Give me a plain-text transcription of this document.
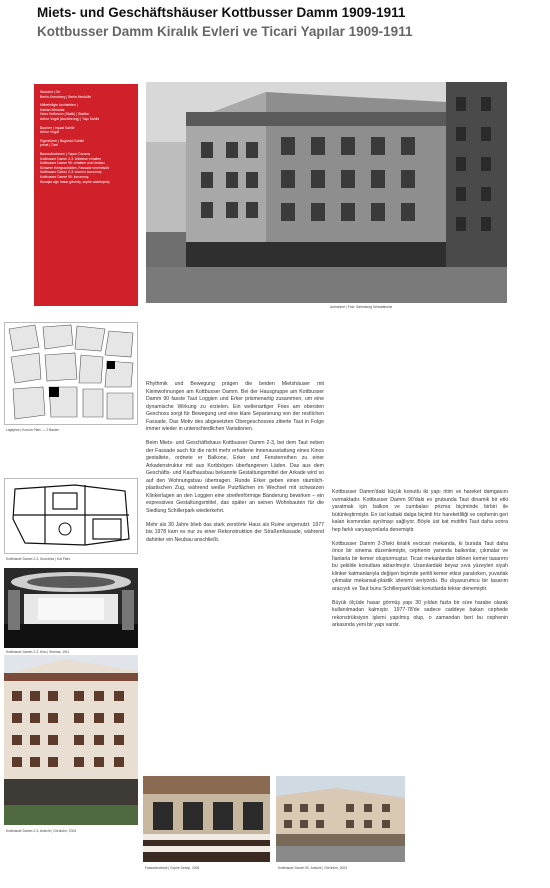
Miets- und Geschäftshäuser Kottbusser Damm 1909-1911
Kottbusser Damm Kiralık Evleri ve Ticari Yapılar 1909-1911
Standort | Ort
Berlin-Kreuzberg | Berlin-Neukölln
Mitbeteiligte Architekten |
Katılan Mimarlar
Hans Hoffmann (Statik) | Statiker
Arthur Vogdt (Ausführung) | Yapı Sahibi
Bauherr | İnşaat Sahibi
Arthur Vogdt
Eigentümer | Bugünkü Sahibi
privat | Özel
Baumaßnahmen | Yapım Durumu
Kottbusser Damm 2-3: teilweise erhalten
Kottbusser Damm 90: erhalten und Umbau
Schwere Kriegsschäden, Fassade vereinfacht
Kottbusser Damm 2-3: kısmen korunmuş
Kottbusser Damm 90: korunmuş
Savaşta ağır hasar görmüş, cephe sadeleşmiş
Aufnahme | Foto: Sammlung Schwäbische
Lageplan | Konum Planı — 2 Bauten
Kottbusser Damm 2-3, Grundriss | Kat Planı
Kottbusser Damm 2-3, Kino | Sinema, 1911
Kottbusser Damm 2-3, Ansicht | Görünüm, 2004
Fassadendetail | Cephe Detayı, 2004	Kottbusser Damm 90, Ansicht | Görünüm, 2004

Rhythmik und Bewegung prägen die beiden Mietshäuser mit Kleinwohnungen am Kottbusser Damm. Bei der Hausgruppe am Kottbusser Damm 90 fasste Taut Loggien und Erker prismenartig zusammen, um eine dynamische Wirkung zu erzielen. Ein wellenartiger Fries am obersten Geschoss sorgt für Bewegung und eine klare Separierung von der restlichen Fassade. Das Motiv des abgesetzten Obergeschosses zitierte Taut in Folge immer wieder in unterschiedlichen Variationen.

Beim Miets- und Geschäftshaus Kottbusser Damm 2-3, bei dem Taut neben der Fassade auch für die nicht mehr erhaltene Innenausstattung eines Kinos gestaltete, ordnete er Balkone, Erker und Fensterreihen zu einer Arkadenstruktur mit aus Korbbögen überfangenen Läden. Das aus dem Geschäfts- und Kaufhausbau bekannte Gestaltungsmittel der Arkade wird so auf den Wohnungsbau übertragen. Runde Erker geben einen räumlich-plastischen Zug, während weiße Putzflächen im Wechsel mit schwarzen Klinkerlagen an den Loggien eine streifenförmige Bänderung bewirken – ein expressives Gestaltungsmittel, das später an seinen Wohnbauten für die Siedlung Schillerpark wiederkehrt.

Mehr als 30 Jahre blieb das stark zerstörte Haus als Ruine ungenutzt. 1977 bis 1978 kam es nur zu einer Rekonstruktion der Straßenfassade, während dahinter ein Neubau anschließt.

Kottbusser Damm'daki küçük konutlu iki yapı ritim ve hareket damgasını vurmaktadır. Kottbusser Damm 90'daki ev grubunda Taut dinamik bir etki yaratmak için balkon ve cumbaları prizma biçiminde birbiri ile bütünleştirmiştir. En üst kattaki dalga biçimli friz hareketliliği ve cephenin geri kalan kısmından ayrılmayı sağlıyor. Böyle üst kat motifini Taut daha sonra hep farklı varyasyonlarla denemiştir.

Kottbusser Damm 2-3'teki kiralık evcicari mekanda, ki burada Taut daha önce bir sinema düzenlemiştir, cephenin yanında balkonlar, çıkmalar ve İlanlarla bir kemer oluşturmuştur. Ticari mekanlardan bilinen kemer tasarımı bu şekilde konutlara aktarılmıştır. Uzanılardaki beyaz sıva yüzeyleri siyah klinker katmanlarıyla değişen biçimde şeritli kemer etkisi yaratırken, yuvarlak çıkmalar mekansal-plastik izlenimi veriyordu. Bu dışavurumcu bir tasarım aracıydı ve Taut bunu Schillerpark'daki konutlarda tekrar denemiştir.

Büyük ölçüde hasar görmüş yapı 30 yıldan fazla bir süre harabe olarak kullanılmadan kalmıştır. 1977-78'de sadece caddeye bakan cephede rekonstrüksiyon işlemi yapılmış olup, o zamandan beri bu cephenin arkasında yeni bir yapı vardır.
